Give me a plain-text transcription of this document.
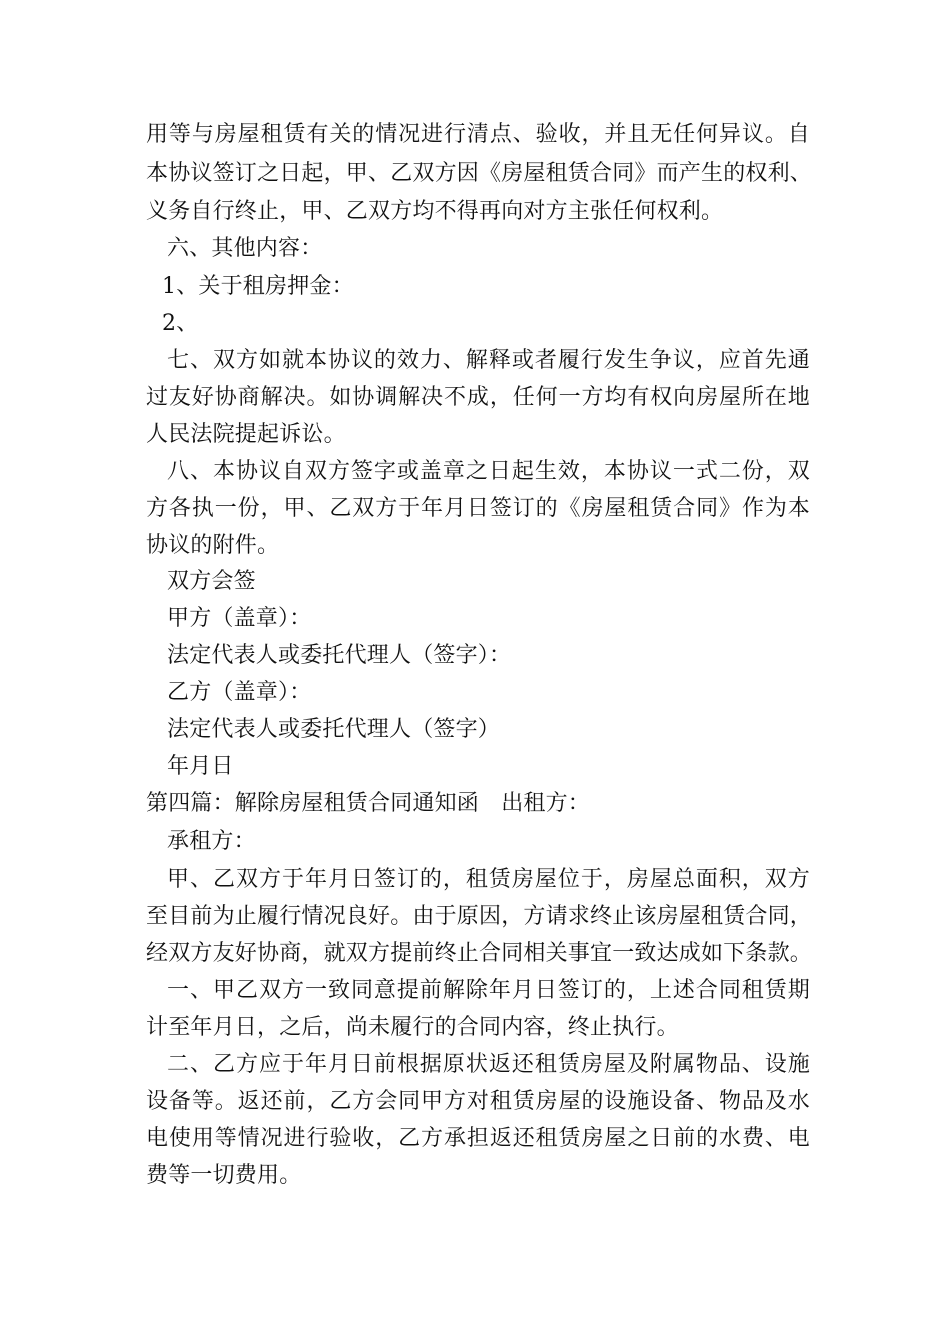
用等与房屋租赁有关的情况进行清点、验收，并且无任何异议。自
本协议签订之日起，甲、乙双方因《房屋租赁合同》而产生的权利、
义务自行终止，甲、乙双方均不得再向对方主张任何权利。
六、其他内容：
1、关于租房押金：
2、
七、双方如就本协议的效力、解释或者履行发生争议，应首先通
过友好协商解决。如协调解决不成，任何一方均有权向房屋所在地
人民法院提起诉讼。
八、本协议自双方签字或盖章之日起生效，本协议一式二份，双
方各执一份，甲、乙双方于年月日签订的《房屋租赁合同》作为本
协议的附件。
双方会签
甲方（盖章）：
法定代表人或委托代理人（签字）：
乙方（盖章）：
法定代表人或委托代理人（签字）
年月日
第四篇：解除房屋租赁合同通知函　出租方：
承租方：
甲、乙双方于年月日签订的，租赁房屋位于，房屋总面积，双方
至目前为止履行情况良好。由于原因，方请求终止该房屋租赁合同，
经双方友好协商，就双方提前终止合同相关事宜一致达成如下条款。
一、甲乙双方一致同意提前解除年月日签订的，上述合同租赁期
计至年月日，之后，尚未履行的合同内容，终止执行。
二、乙方应于年月日前根据原状返还租赁房屋及附属物品、设施
设备等。返还前，乙方会同甲方对租赁房屋的设施设备、物品及水
电使用等情况进行验收，乙方承担返还租赁房屋之日前的水费、电
费等一切费用。
